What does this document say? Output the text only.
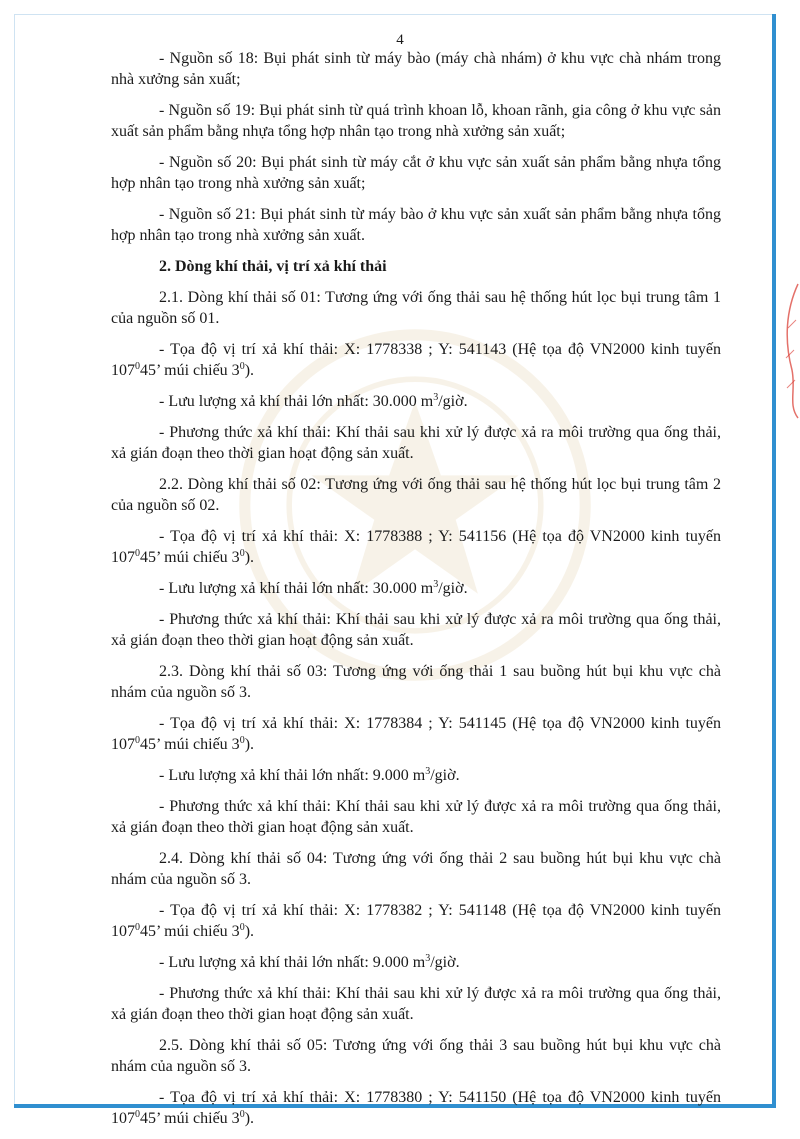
4

- Nguồn số 18: Bụi phát sinh từ máy bào (máy chà nhám) ở khu vực chà nhám trong nhà xưởng sản xuất;

- Nguồn số 19: Bụi phát sinh từ quá trình khoan lỗ, khoan rãnh, gia công ở khu vực sản xuất sản phẩm bằng nhựa tổng hợp nhân tạo trong nhà xưởng sản xuất;

- Nguồn số 20: Bụi phát sinh từ máy cắt ở khu vực sản xuất sản phẩm bằng nhựa tổng hợp nhân tạo trong nhà xưởng sản xuất;

- Nguồn số 21: Bụi phát sinh từ máy bào ở khu vực sản xuất sản phẩm bằng nhựa tổng hợp nhân tạo trong nhà xưởng sản xuất.

2. Dòng khí thải, vị trí xả khí thải

2.1. Dòng khí thải số 01: Tương ứng với ống thải sau hệ thống hút lọc bụi trung tâm 1 của nguồn số 01.

- Tọa độ vị trí xả khí thải: X: 1778338 ; Y: 541143 (Hệ tọa độ VN2000 kinh tuyến $107^045$’ múi chiếu $3^0$).

- Lưu lượng xả khí thải lớn nhất: 30.000 $m^3$/giờ.

- Phương thức xả khí thải: Khí thải sau khi xử lý được xả ra môi trường qua ống thải, xả gián đoạn theo thời gian hoạt động sản xuất.

2.2. Dòng khí thải số 02: Tương ứng với ống thải sau hệ thống hút lọc bụi trung tâm 2 của nguồn số 02.

- Tọa độ vị trí xả khí thải: X: 1778388 ; Y: 541156 (Hệ tọa độ VN2000 kinh tuyến $107^045$’ múi chiếu $3^0$).

- Lưu lượng xả khí thải lớn nhất: 30.000 $m^3$/giờ.

- Phương thức xả khí thải: Khí thải sau khi xử lý được xả ra môi trường qua ống thải, xả gián đoạn theo thời gian hoạt động sản xuất.

2.3. Dòng khí thải số 03: Tương ứng với ống thải 1 sau buồng hút bụi khu vực chà nhám của nguồn số 3.

- Tọa độ vị trí xả khí thải: X: 1778384 ; Y: 541145 (Hệ tọa độ VN2000 kinh tuyến $107^045$’ múi chiếu $3^0$).

- Lưu lượng xả khí thải lớn nhất: 9.000 $m^3$/giờ.

- Phương thức xả khí thải: Khí thải sau khi xử lý được xả ra môi trường qua ống thải, xả gián đoạn theo thời gian hoạt động sản xuất.

2.4. Dòng khí thải số 04: Tương ứng với ống thải 2 sau buồng hút bụi khu vực chà nhám của nguồn số 3.

- Tọa độ vị trí xả khí thải: X: 1778382 ; Y: 541148 (Hệ tọa độ VN2000 kinh tuyến $107^045$’ múi chiếu $3^0$).

- Lưu lượng xả khí thải lớn nhất: 9.000 $m^3$/giờ.

- Phương thức xả khí thải: Khí thải sau khi xử lý được xả ra môi trường qua ống thải, xả gián đoạn theo thời gian hoạt động sản xuất.

2.5. Dòng khí thải số 05: Tương ứng với ống thải 3 sau buồng hút bụi khu vực chà nhám của nguồn số 3.

- Tọa độ vị trí xả khí thải: X: 1778380 ; Y: 541150 (Hệ tọa độ VN2000 kinh tuyến $107^045$’ múi chiếu $3^0$).
